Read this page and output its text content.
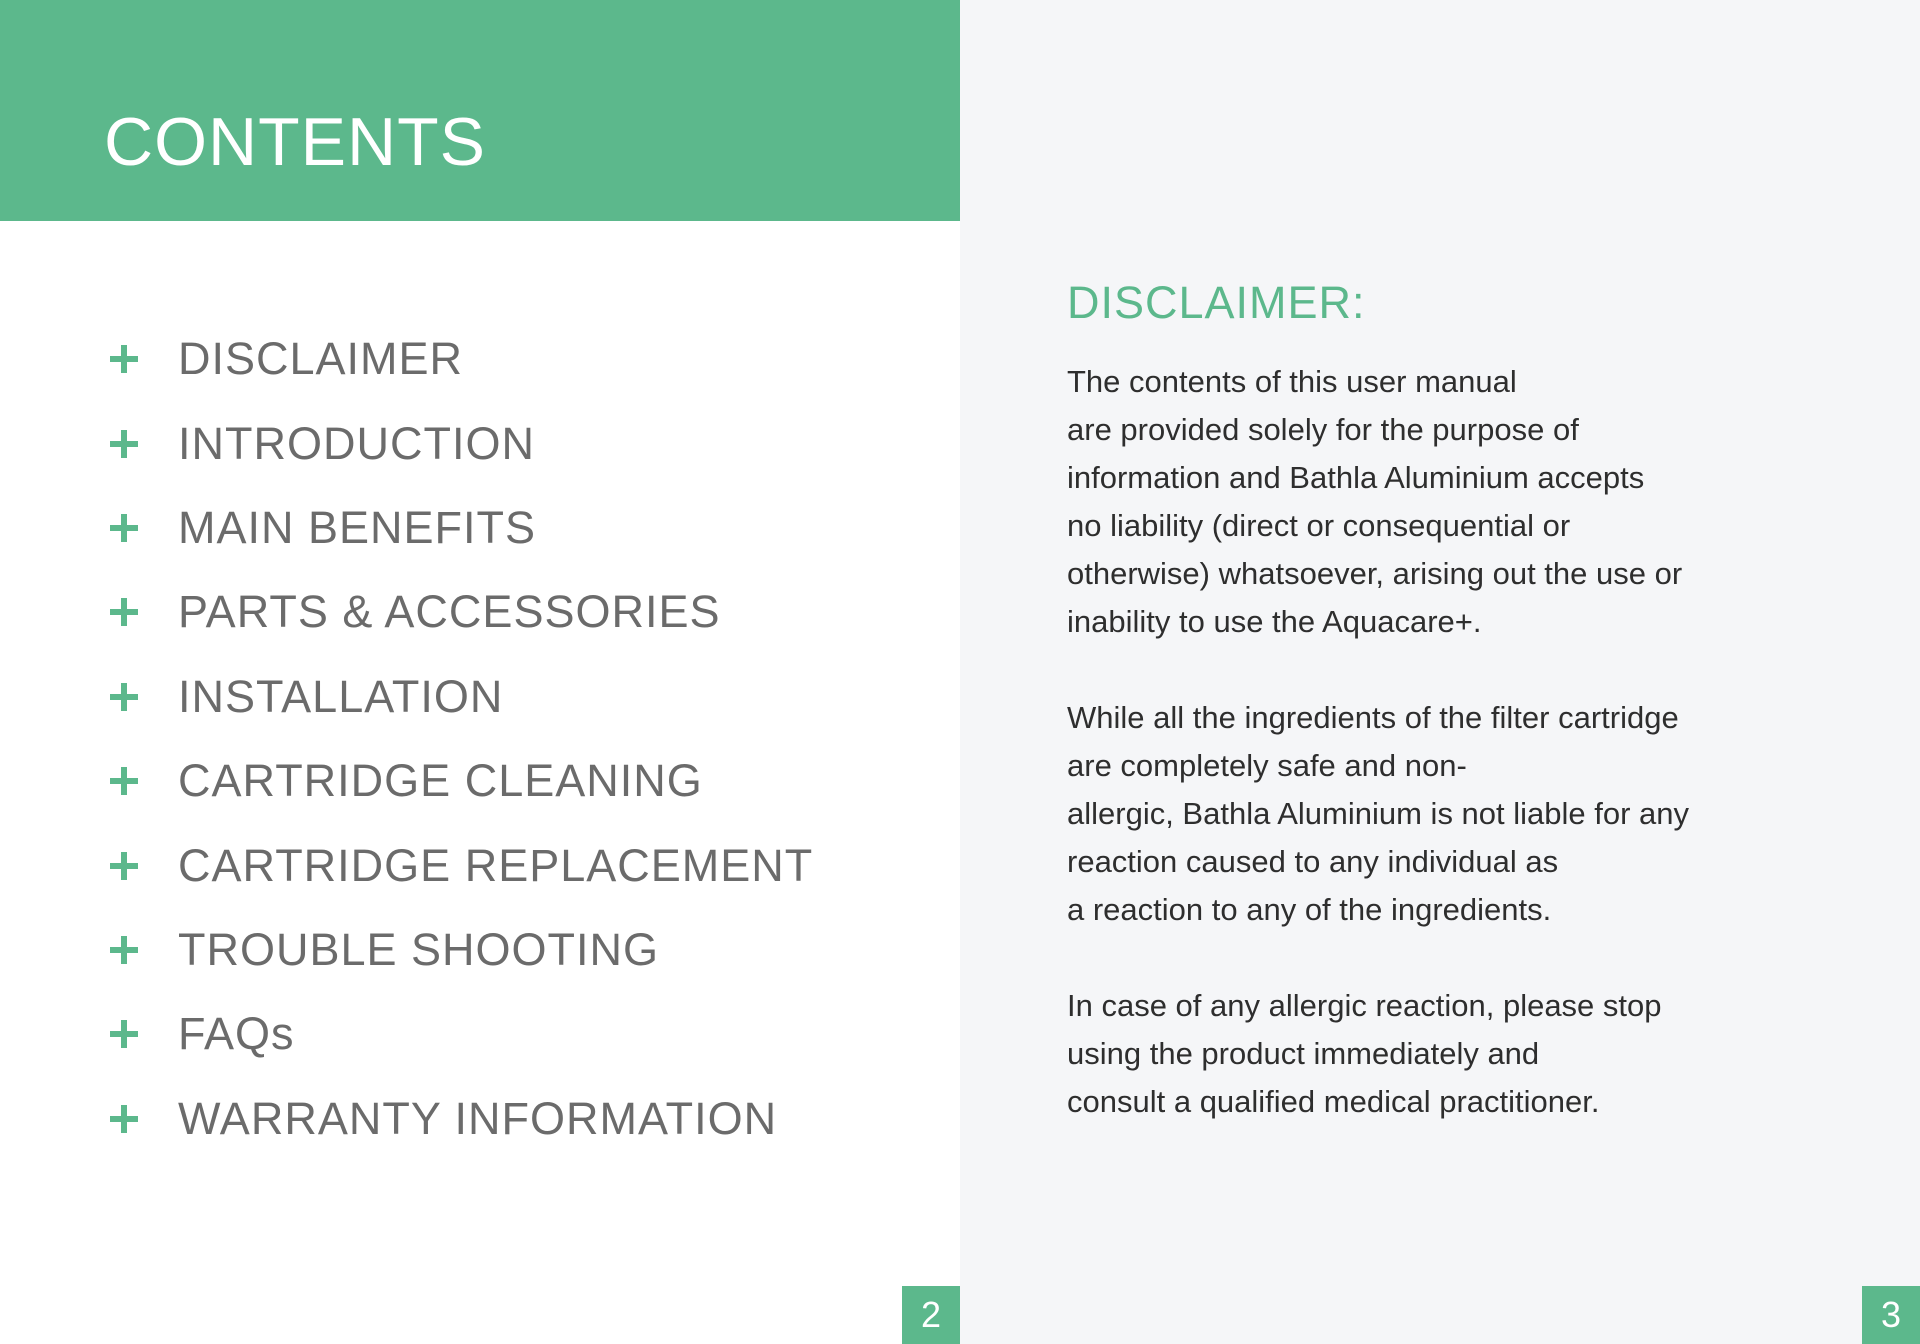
CONTENTS
DISCLAIMER
INTRODUCTION
MAIN BENEFITS
PARTS & ACCESSORIES
INSTALLATION
CARTRIDGE CLEANING
CARTRIDGE REPLACEMENT
TROUBLE SHOOTING
FAQs
WARRANTY INFORMATION
2
DISCLAIMER:

The contents of this user manual
are provided solely for the purpose of
information and Bathla Aluminium accepts
no liability (direct or consequential or
otherwise) whatsoever, arising out the use or
inability to use the Aquacare+.

While all the ingredients of the filter cartridge
are completely safe and non-
allergic, Bathla Aluminium is not liable for any
reaction caused to any individual as
a reaction to any of the ingredients.

In case of any allergic reaction, please stop
using the product immediately and
consult a qualified medical practitioner.

3
